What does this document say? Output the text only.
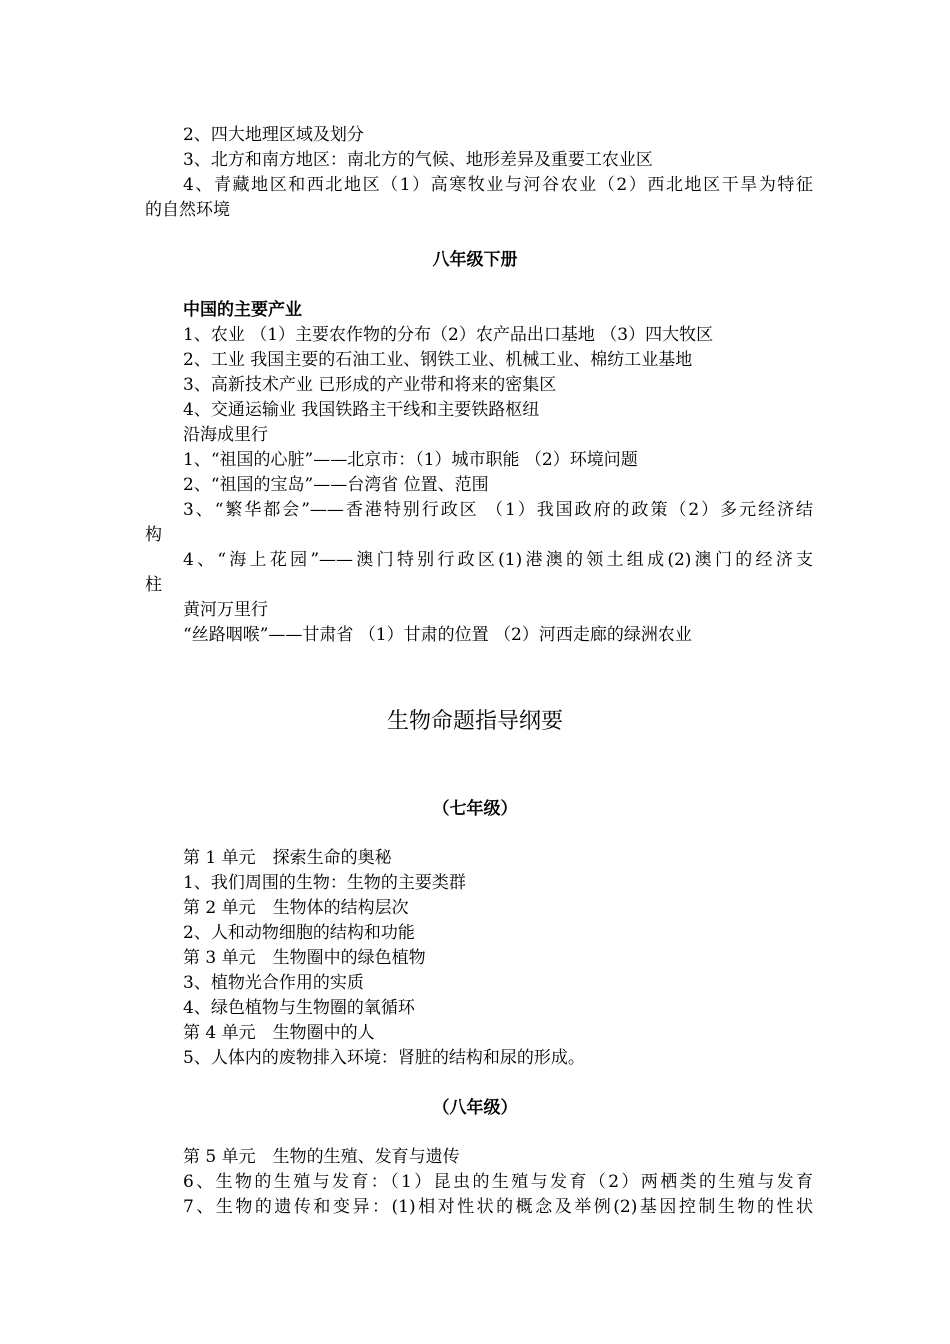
2、四大地理区域及划分
3、北方和南方地区：南北方的气候、地形差异及重要工农业区
4、青藏地区和西北地区（1）高寒牧业与河谷农业（2）西北地区干旱为特征
的自然环境
八年级下册
中国的主要产业
1、农业 （1）主要农作物的分布（2）农产品出口基地 （3）四大牧区
2、工业 我国主要的石油工业、钢铁工业、机械工业、棉纺工业基地
3、高新技术产业 已形成的产业带和将来的密集区
4、交通运输业 我国铁路主干线和主要铁路枢纽
沿海成里行
1、“祖国的心脏”——北京市：（1）城市职能 （2）环境问题
2、“祖国的宝岛”——台湾省 位置、范围
3、“繁华都会”——香港特别行政区 （1）我国政府的政策（2）多元经济结
构
4、“海上花园”——澳门特别行政区(1)港澳的领土组成(2)澳门的经济支
柱
黄河万里行
“丝路咽喉”——甘肃省 （1）甘肃的位置 （2）河西走廊的绿洲农业
生物命题指导纲要
（七年级）
第 1 单元　探索生命的奥秘
1、我们周围的生物：生物的主要类群
第 2 单元　生物体的结构层次
2、人和动物细胞的结构和功能
第 3 单元　生物圈中的绿色植物
3、植物光合作用的实质
4、绿色植物与生物圈的氧循环
第 4 单元　生物圈中的人
5、人体内的废物排入环境：肾脏的结构和尿的形成。
（八年级）
第 5 单元　生物的生殖、发育与遗传
6、生物的生殖与发育：（1）昆虫的生殖与发育（2）两栖类的生殖与发育
7、生物的遗传和变异：(1)相对性状的概念及举例(2)基因控制生物的性状
